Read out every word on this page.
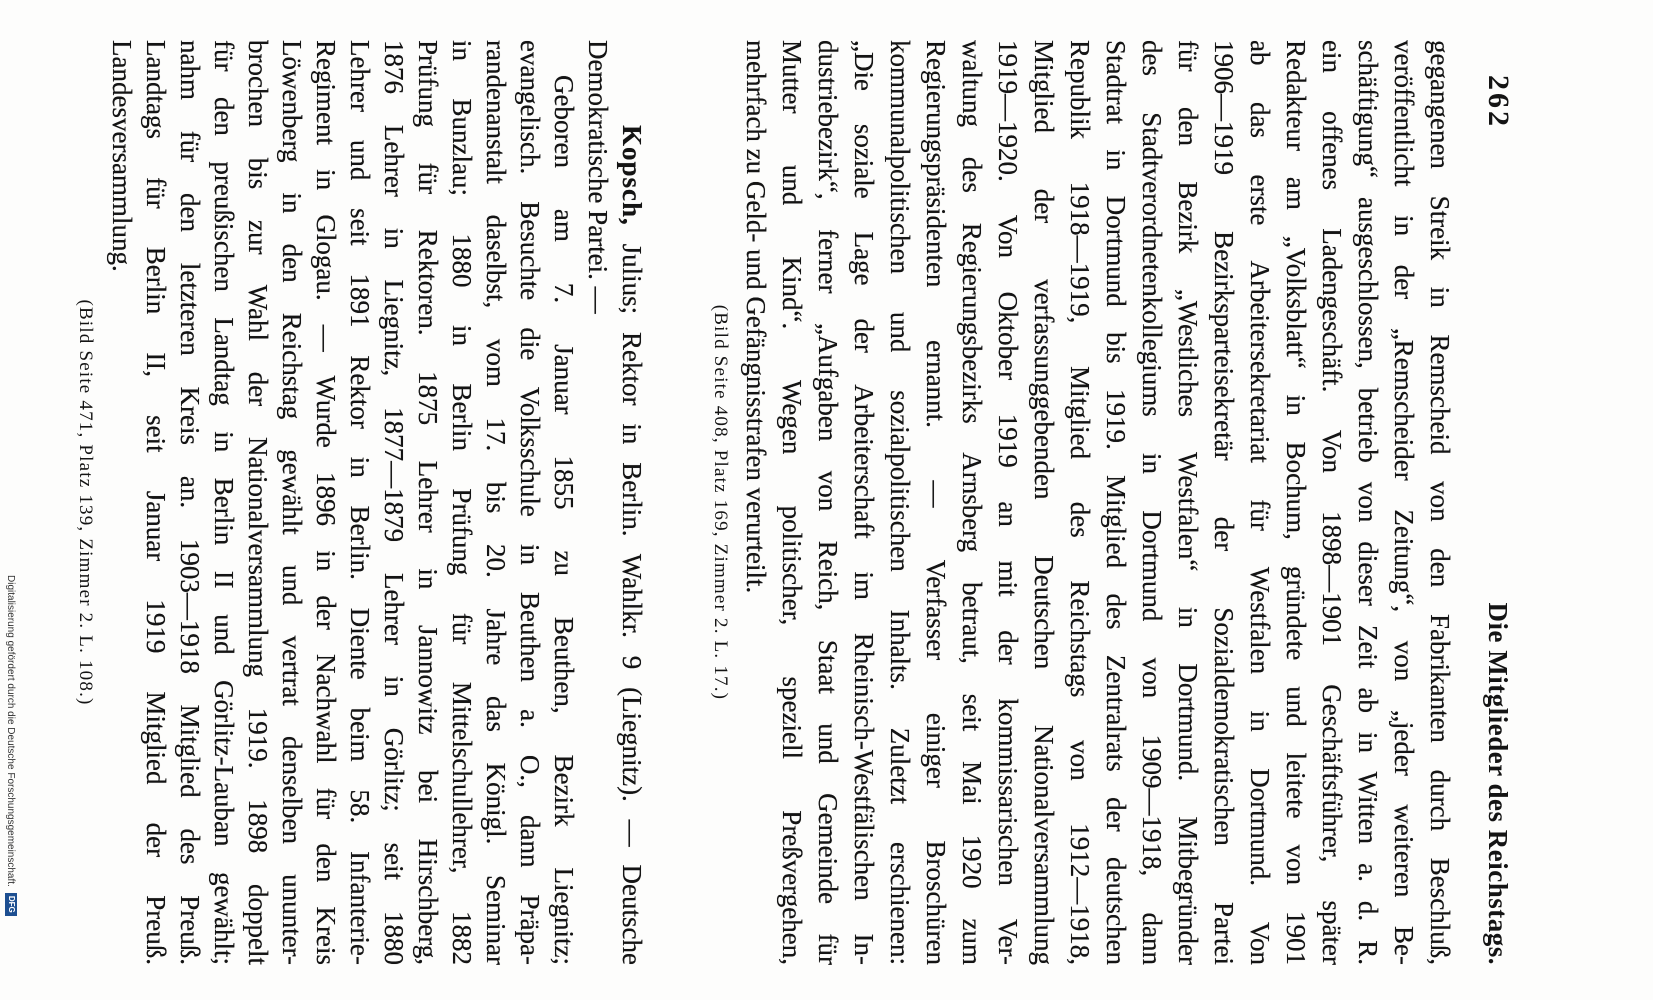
262
Die Mitglieder des Reichstags.
gegangenen Streik in Remscheid von den Fabrikanten durch Beschluß,
veröffentlicht in der „Remscheider Zeitung“, von „jeder weiteren Be-
schäftigung“ ausgeschlossen, betrieb von dieser Zeit ab in Witten a. d. R.
ein offenes Ladengeschäft. Von 1898—1901 Geschäftsführer, später
Redakteur am „Volksblatt“ in Bochum, gründete und leitete von 1901
ab das erste Arbeitersekretariat für Westfalen in Dortmund. Von
1906—1919 Bezirksparteisekretär der Sozialdemokratischen Partei
für den Bezirk „Westliches Westfalen“ in Dortmund. Mitbegründer
des Stadtverordnetenkollegiums in Dortmund von 1909—1918, dann
Stadtrat in Dortmund bis 1919. Mitglied des Zentralrats der deutschen
Republik 1918—1919, Mitglied des Reichstags von 1912—1918,
Mitglied der verfassunggebenden Deutschen Nationalversammlung
1919—1920. Von Oktober 1919 an mit der kommissarischen Ver-
waltung des Regierungsbezirks Arnsberg betraut, seit Mai 1920 zum
Regierungspräsidenten ernannt. — Verfasser einiger Broschüren
kommunalpolitischen und sozialpolitischen Inhalts. Zuletzt erschienen:
„Die soziale Lage der Arbeiterschaft im Rheinisch-Westfälischen In-
dustriebezirk“, ferner „Aufgaben von Reich, Staat und Gemeinde für
Mutter und Kind“. Wegen politischer, speziell Preßvergehen,
mehrfach zu Geld- und Gefängnisstrafen verurteilt.
(Bild Seite 408, Platz 169, Zimmer 2. L. 17.)
Kopsch, Julius; Rektor in Berlin. Wahlkr. 9 (Liegnitz). — Deutsche
Demokratische Partei. —
Geboren am 7. Januar 1855 zu Beuthen, Bezirk Liegnitz;
evangelisch. Besuchte die Volksschule in Beuthen a. O., dann Präpa-
randenanstalt daselbst, vom 17. bis 20. Jahre das Königl. Seminar
in Bunzlau; 1880 in Berlin Prüfung für Mittelschullehrer, 1882
Prüfung für Rektoren. 1875 Lehrer in Jannowitz bei Hirschberg,
1876 Lehrer in Liegnitz, 1877—1879 Lehrer in Görlitz; seit 1880
Lehrer und seit 1891 Rektor in Berlin. Diente beim 58. Infanterie-
Regiment in Glogau. — Wurde 1896 in der Nachwahl für den Kreis
Löwenberg in den Reichstag gewählt und vertrat denselben ununter-
brochen bis zur Wahl der Nationalversammlung 1919. 1898 doppelt
für den preußischen Landtag in Berlin II und Görlitz-Lauban gewählt;
nahm für den letzteren Kreis an. 1903—1918 Mitglied des Preuß.
Landtags für Berlin II, seit Januar 1919 Mitglied der Preuß.
Landesversammlung.
(Bild Seite 471, Platz 139, Zimmer 2. L. 108.)
Digitalisierung gefördert durch die Deutsche Forschungsgemeinschaft.
DFG
